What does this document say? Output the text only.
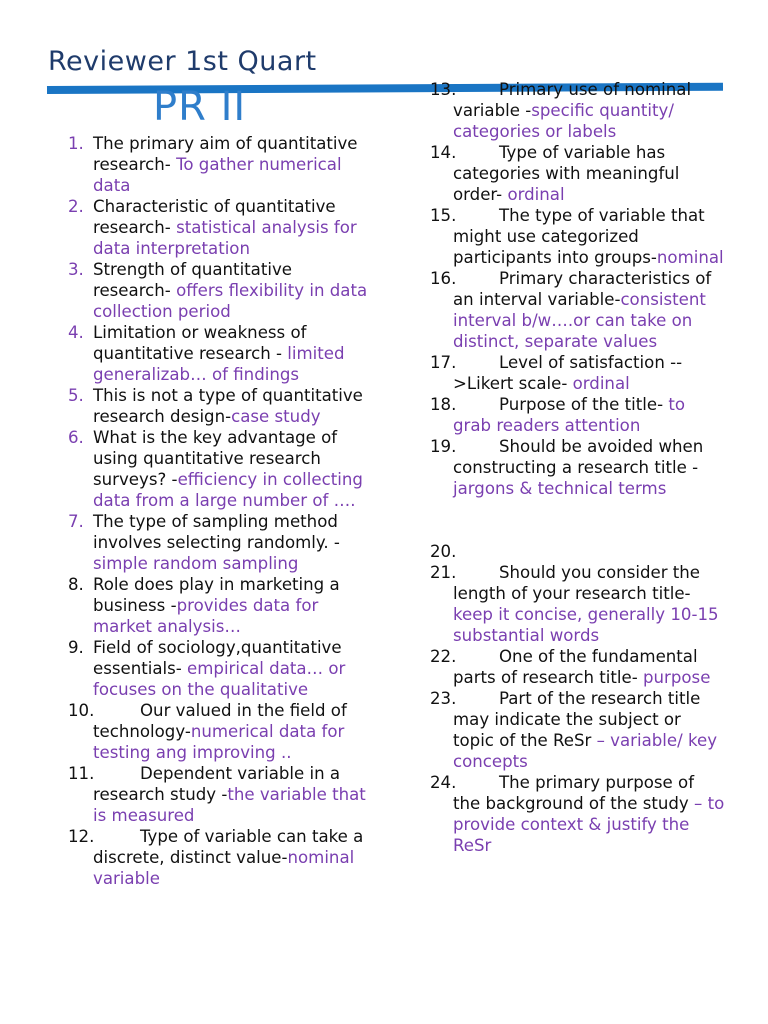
Reviewer 1st Quart
PR II
1. The primary aim of quantitative research- To gather numerical data
2. Characteristic of quantitative research- statistical analysis for data interpretation
3. Strength of quantitative research- offers flexibility in data collection period
4. Limitation or weakness of quantitative research - limited generalizab… of findings
5. This is not a type of quantitative research design-case study
6. What is the key advantage of using quantitative research surveys? -efficiency in collecting data from a large number of ….
7. The type of sampling method involves selecting randomly. -simple random sampling
8. Role does play in marketing a business -provides data for market analysis…
9. Field of sociology,quantitative essentials- empirical data… or focuses on the qualitative
10.	Our valued in the field of technology-numerical data for testing ang improving ..
11.	Dependent variable in a research study -the variable that is measured
12.	Type of variable can take a discrete, distinct value-nominal variable
13.	Primary use of nominal variable -specific quantity/ categories or labels
14.	Type of variable has categories with meaningful order- ordinal
15.	The type of variable that might use categorized participants into groups-nominal
16.	Primary characteristics of an interval variable-consistent interval b/w….or can take on distinct, separate values
17.	Level of satisfaction -- >Likert scale- ordinal
18.	Purpose of the title- to grab readers attention
19.	Should be avoided when constructing a research title -jargons & technical terms
20.
21.	Should you consider the length of your research title- keep it concise, generally 10-15 substantial words
22.	One of the fundamental parts of research title- purpose
23.	Part of the research title may indicate the subject or topic of the ReSr – variable/ key concepts
24.	The primary purpose of the background of the study – to provide context & justify the ReSr
